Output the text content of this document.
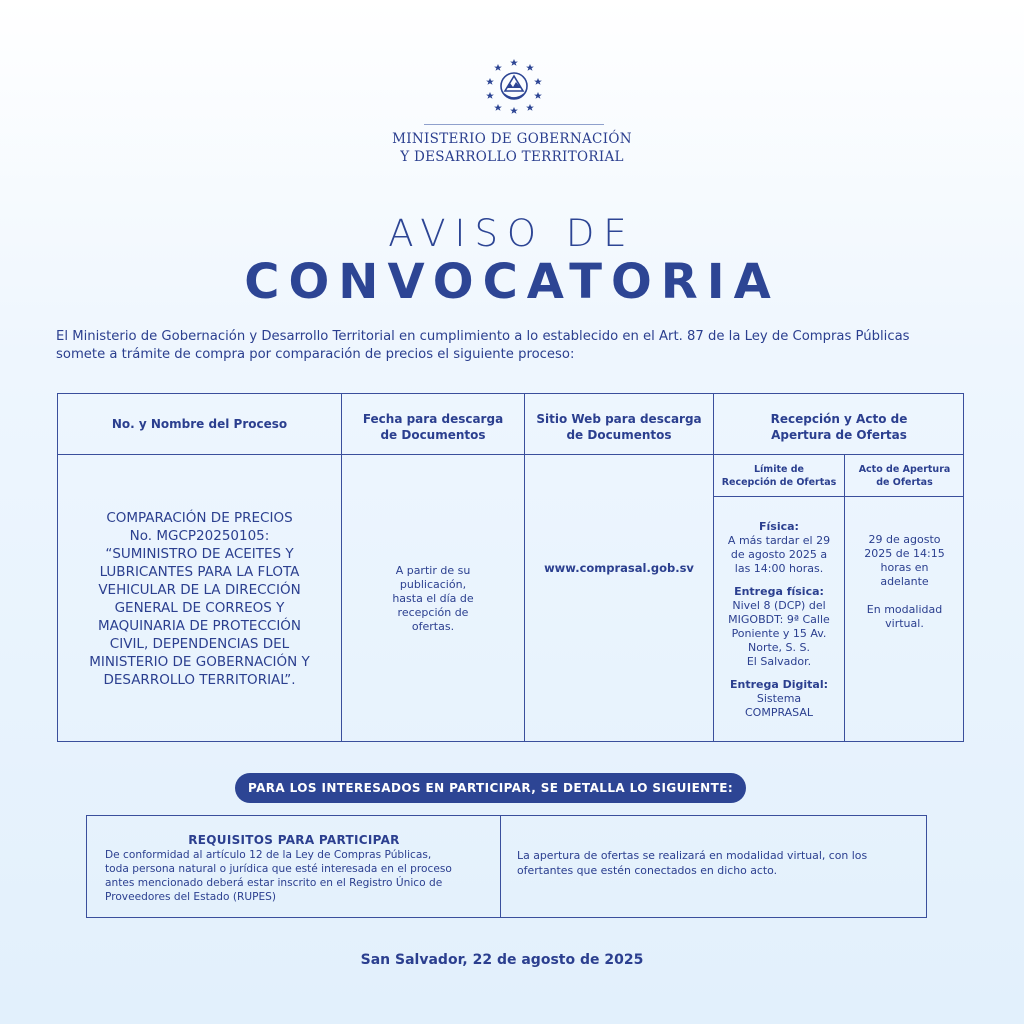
MINISTERIO DE GOBERNACIÓN
Y DESARROLLO TERRITORIAL
AVISO DE
CONVOCATORIA
El Ministerio de Gobernación y Desarrollo Territorial en cumplimiento a lo establecido en el Art. 87 de la Ley de Compras Públicas
somete a trámite de compra por comparación de precios el siguiente proceso:
No. y Nombre del Proceso	Fecha para descarga
de Documentos
Sitio Web para descarga
de Documentos
Recepción y Acto de
Apertura de Ofertas
Límite de
Recepción de Ofertas
Acto de Apertura
de Ofertas
COMPARACIÓN DE PRECIOS
No. MGCP20250105:
“SUMINISTRO DE ACEITES Y
LUBRICANTES PARA LA FLOTA
VEHICULAR DE LA DIRECCIÓN
GENERAL DE CORREOS Y
MAQUINARIA DE PROTECCIÓN
CIVIL, DEPENDENCIAS DEL
MINISTERIO DE GOBERNACIÓN Y
DESARROLLO TERRITORIAL”.
A partir de su
publicación,
hasta el día de
recepción de
ofertas.
www.comprasal.gob.sv
Física:
A más tardar el 29
de agosto 2025 a
las 14:00 horas.
Entrega física:
Nivel 8 (DCP) del
MIGOBDT: 9ª Calle
Poniente y 15 Av.
Norte, S. S.
El Salvador.
Entrega Digital:
Sistema
COMPRASAL
29 de agosto
2025 de 14:15
horas en
adelante
En modalidad
virtual.
PARA LOS INTERESADOS EN PARTICIPAR, SE DETALLA LO SIGUIENTE:
REQUISITOS PARA PARTICIPAR
De conformidad al artículo 12 de la Ley de Compras Públicas,
toda persona natural o jurídica que esté interesada en el proceso
antes mencionado deberá estar inscrito en el Registro Único de
Proveedores del Estado (RUPES)
La apertura de ofertas se realizará en modalidad virtual, con los
ofertantes que estén conectados en dicho acto.
San Salvador, 22 de agosto de 2025
